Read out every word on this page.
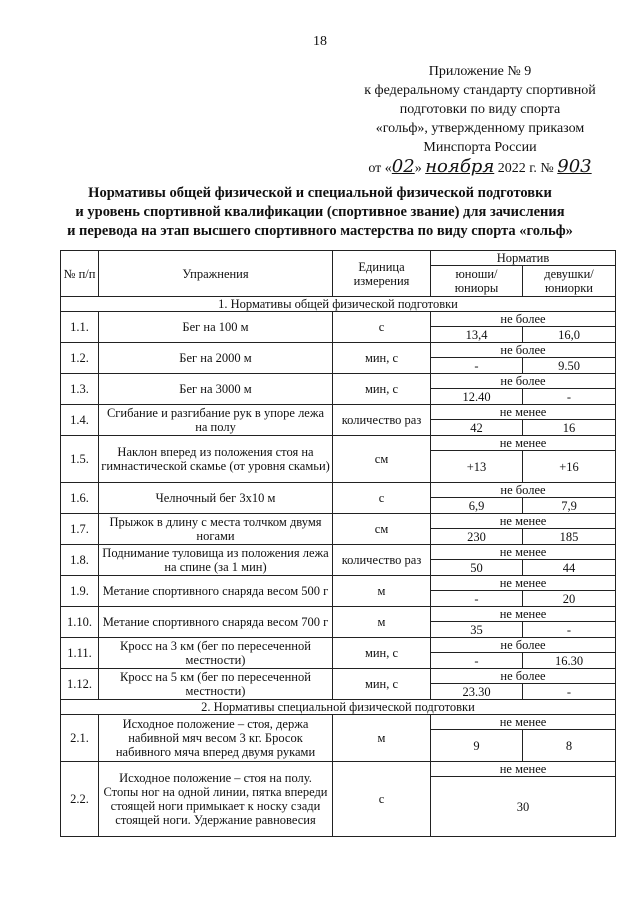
18
Приложение № 9
к федеральному стандарту спортивной
подготовки по виду спорта
«гольф», утвержденному приказом
Минспорта России
от «02» ноября 2022 г. № 903
Нормативы общей физической и специальной физической подготовки
и уровень спортивной квалификации (спортивное звание) для зачисления
и перевода на этап высшего спортивного мастерства по виду спорта «гольф»
№ п/п	Упражнения	Единица измерения	Норматив	
			юноши/ юниоры	девушки/ юниорки
1. Нормативы общей физической подготовки				
1.1.	Бег на 100 м	с	не более	
			13,4	16,0
1.2.	Бег на 2000 м	мин, с	не более	
			-	9.50
1.3.	Бег на 3000 м	мин, с	не более	
			12.40	-
1.4.	Сгибание и разгибание рук в упоре лежа на полу	количество раз	не менее	
			42	16
1.5.	Наклон вперед из положения стоя на гимнастической скамье (от уровня скамьи)	см	не менее	
			+13	+16
1.6.	Челночный бег 3х10 м	с	не более	
			6,9	7,9
1.7.	Прыжок в длину с места толчком двумя ногами	см	не менее	
			230	185
1.8.	Поднимание туловища из положения лежа на спине (за 1 мин)	количество раз	не менее	
			50	44
1.9.	Метание спортивного снаряда весом 500 г	м	не менее	
			-	20
1.10.	Метание спортивного снаряда весом 700 г	м	не менее	
			35	-
1.11.	Кросс на 3 км (бег по пересеченной местности)	мин, с	не более	
			-	16.30
1.12.	Кросс на 5 км (бег по пересеченной местности)	мин, с	не более	
			23.30	-
2. Нормативы специальной физической подготовки				
2.1.	Исходное положение – стоя, держа набивной мяч весом 3 кг. Бросок набивного мяча вперед двумя руками	м	не менее	
			9	8
2.2.	Исходное положение – стоя на полу. Стопы ног на одной линии, пятка впереди стоящей ноги примыкает к носку сзади стоящей ноги. Удержание равновесия	с	не менее	
			30	
